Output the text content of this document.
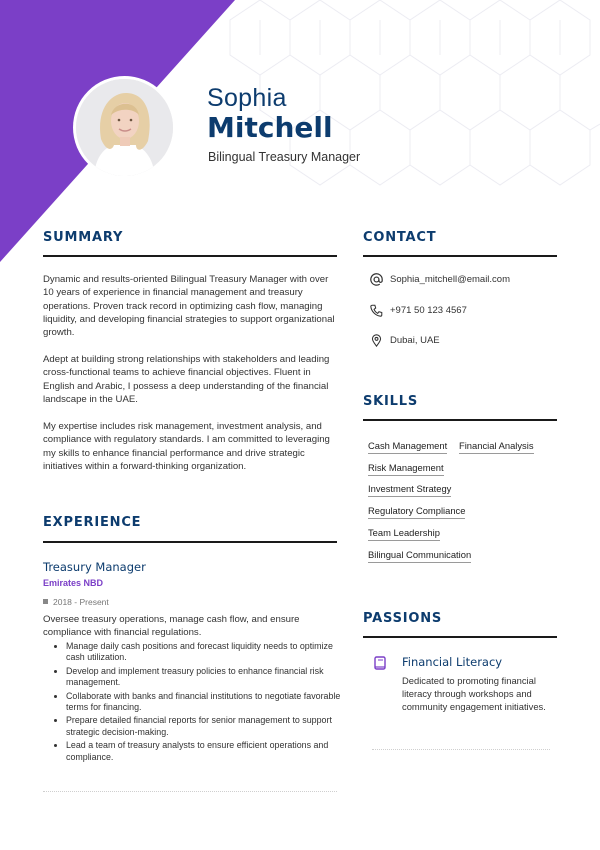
Sophia
Mitchell
Bilingual Treasury Manager
SUMMARY
Dynamic and results-oriented Bilingual Treasury Manager with over 10 years of experience in financial management and treasury operations. Proven track record in optimizing cash flow, managing liquidity, and developing financial strategies to support organizational growth.
Adept at building strong relationships with stakeholders and leading cross-functional teams to achieve financial objectives. Fluent in English and Arabic, I possess a deep understanding of the financial landscape in the UAE.
My expertise includes risk management, investment analysis, and compliance with regulatory standards. I am committed to leveraging my skills to enhance financial performance and drive strategic initiatives within a forward-thinking organization.
EXPERIENCE
Treasury Manager
Emirates NBD
2018 - Present
Oversee treasury operations, manage cash flow, and ensure compliance with financial regulations.
Manage daily cash positions and forecast liquidity needs to optimize cash utilization.
Develop and implement treasury policies to enhance financial risk management.
Collaborate with banks and financial institutions to negotiate favorable terms for financing.
Prepare detailed financial reports for senior management to support strategic decision-making.
Lead a team of treasury analysts to ensure efficient operations and compliance.
CONTACT
Sophia_mitchell@email.com
+971 50 123 4567
Dubai, UAE
SKILLS
Cash Management Financial Analysis
Risk Management
Investment Strategy
Regulatory Compliance
Team Leadership
Bilingual Communication
PASSIONS
Financial Literacy
Dedicated to promoting financial literacy through workshops and community engagement initiatives.
